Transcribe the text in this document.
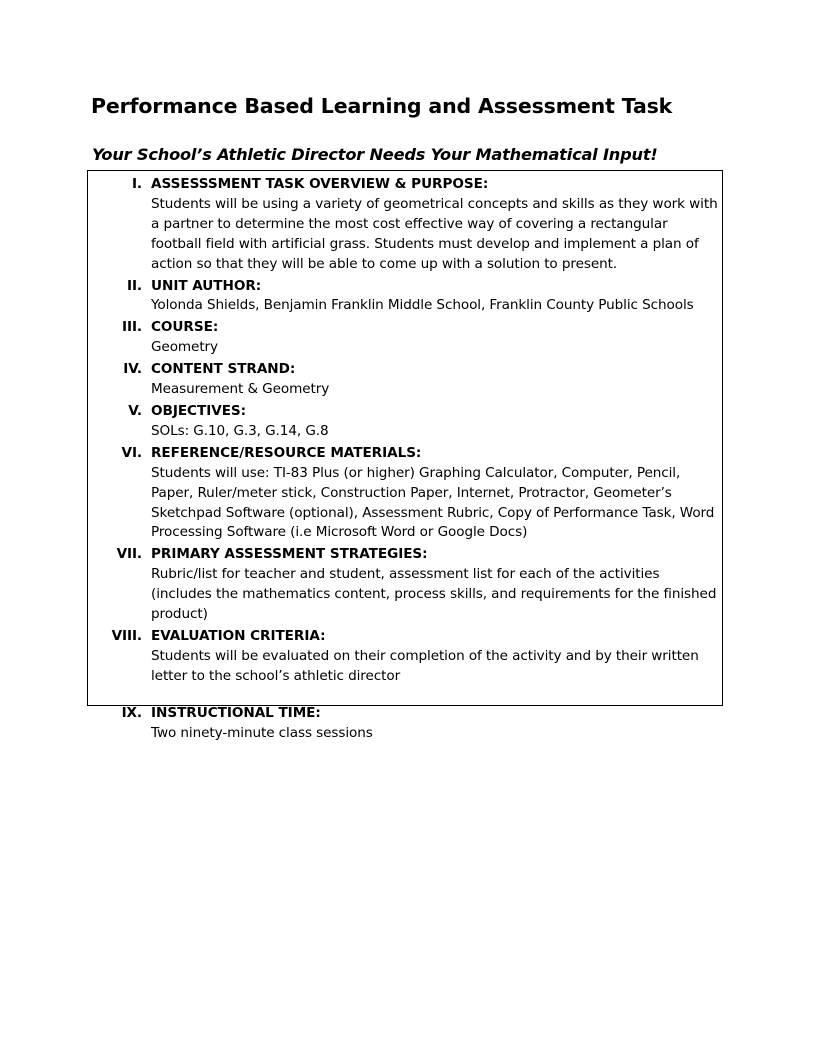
Performance Based Learning and Assessment Task
Your School’s Athletic Director Needs Your Mathematical Input!
I. ASSESSSMENT TASK OVERVIEW & PURPOSE:
Students will be using a variety of geometrical concepts and skills as they work with a partner to determine the most cost effective way of covering a rectangular football field with artificial grass. Students must develop and implement a plan of action so that they will be able to come up with a solution to present.
II. UNIT AUTHOR:
Yolonda Shields, Benjamin Franklin Middle School, Franklin County Public Schools
III. COURSE:
Geometry
IV. CONTENT STRAND:
Measurement & Geometry
V. OBJECTIVES:
SOLs: G.10, G.3, G.14, G.8
VI. REFERENCE/RESOURCE MATERIALS:
Students will use: TI-83 Plus (or higher) Graphing Calculator, Computer, Pencil, Paper, Ruler/meter stick, Construction Paper, Internet, Protractor, Geometer’s Sketchpad Software (optional), Assessment Rubric, Copy of Performance Task, Word Processing Software (i.e Microsoft Word or Google Docs)
VII. PRIMARY ASSESSMENT STRATEGIES:
Rubric/list for teacher and student, assessment list for each of the activities (includes the mathematics content, process skills, and requirements for the finished product)
VIII. EVALUATION CRITERIA:
Students will be evaluated on their completion of the activity and by their written letter to the school’s athletic director
IX. INSTRUCTIONAL TIME:
Two ninety-minute class sessions
